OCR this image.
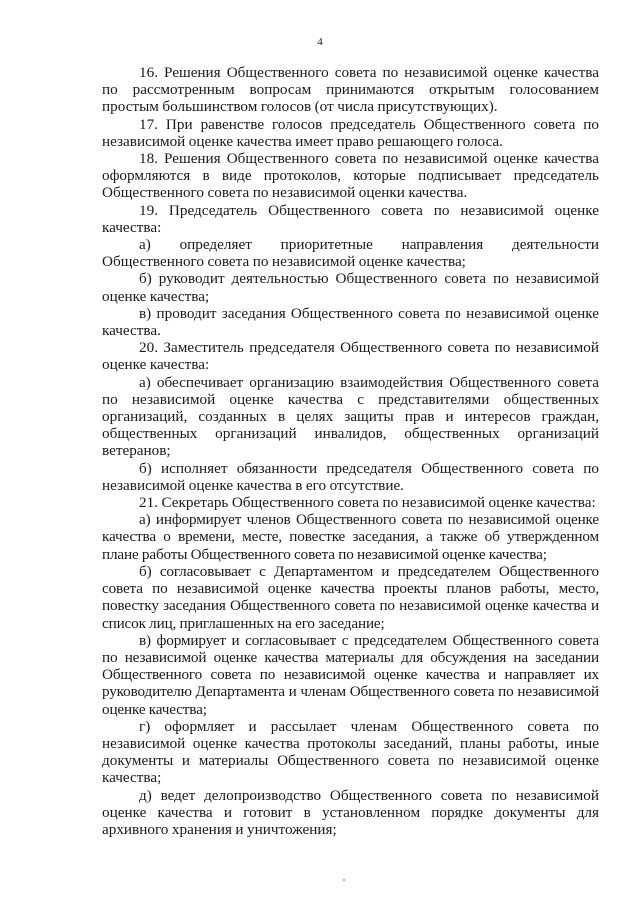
4

16. Решения Общественного совета по независимой оценке качества по рассмотренным вопросам принимаются открытым голосованием простым большинством голосов (от числа присутствующих).

17. При равенстве голосов председатель Общественного совета по независимой оценке качества имеет право решающего голоса.

18. Решения Общественного совета по независимой оценке качества оформляются в виде протоколов, которые подписывает председатель Общественного совета по независимой оценки качества.

19. Председатель Общественного совета по независимой оценке качества:

а) определяет приоритетные направления деятельности Общественного совета по независимой оценке качества;

б) руководит деятельностью Общественного совета по независимой оценке качества;

в) проводит заседания Общественного совета по независимой оценке качества.

20. Заместитель председателя Общественного совета по независимой оценке качества:

а) обеспечивает организацию взаимодействия Общественного совета по независимой оценке качества с представителями общественных организаций, созданных в целях защиты прав и интересов граждан, общественных организаций инвалидов, общественных организаций ветеранов;

б) исполняет обязанности председателя Общественного совета по независимой оценке качества в его отсутствие.

21. Секретарь Общественного совета по независимой оценке качества:

а) информирует членов Общественного совета по независимой оценке качества о времени, месте, повестке заседания, а также об утвержденном плане работы Общественного совета по независимой оценке качества;

б) согласовывает с Департаментом и председателем Общественного совета по независимой оценке качества проекты планов работы, место, повестку заседания Общественного совета по независимой оценке качества и список лиц, приглашенных на его заседание;

в) формирует и согласовывает с председателем Общественного совета по независимой оценке качества материалы для обсуждения на заседании Общественного совета по независимой оценке качества и направляет их руководителю Департамента и членам Общественного совета по независимой оценке качества;

г) оформляет и рассылает членам Общественного совета по независимой оценке качества протоколы заседаний, планы работы, иные документы и материалы Общественного совета по независимой оценке качества;

д) ведет делопроизводство Общественного совета по независимой оценке качества и готовит в установленном порядке документы для архивного хранения и уничтожения;
